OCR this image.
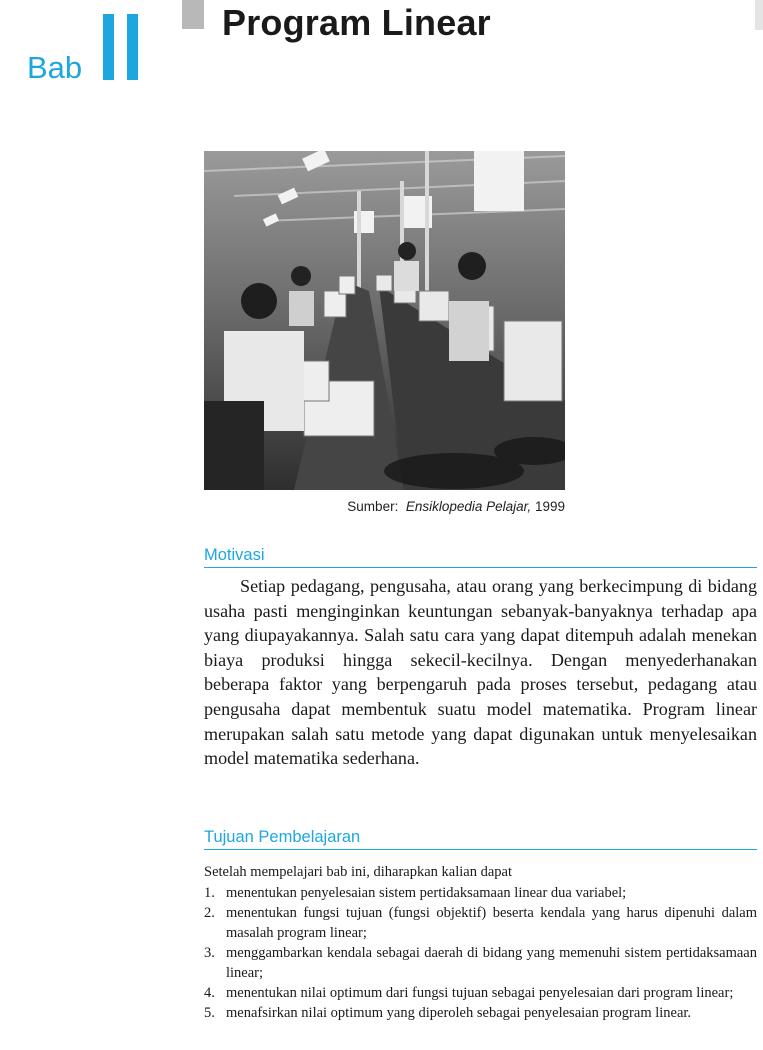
Bab
Program Linear
Sumber: Ensiklopedia Pelajar, 1999
Motivasi

Setiap pedagang, pengusaha, atau orang yang berkecimpung di bidang usaha pasti menginginkan keuntungan sebanyak-banyaknya terhadap apa yang diupayakannya. Salah satu cara yang dapat ditempuh adalah menekan biaya produksi hingga sekecil-kecilnya. Dengan menyederhanakan beberapa faktor yang berpengaruh pada proses tersebut, pedagang atau pengusaha dapat membentuk suatu model matematika. Program linear merupakan salah satu metode yang dapat digunakan untuk menyelesaikan model matematika sederhana.

Tujuan Pembelajaran

Setelah mempelajari bab ini, diharapkan kalian dapat

1. menentukan penyelesaian sistem pertidaksamaan linear dua variabel;
2. menentukan fungsi tujuan (fungsi objektif) beserta kendala yang harus dipenuhi dalam masalah program linear;
3. menggambarkan kendala sebagai daerah di bidang yang memenuhi sistem pertidaksamaan linear;
4. menentukan nilai optimum dari fungsi tujuan sebagai penyelesaian dari program linear;
5. menafsirkan nilai optimum yang diperoleh sebagai penyelesaian program linear.
